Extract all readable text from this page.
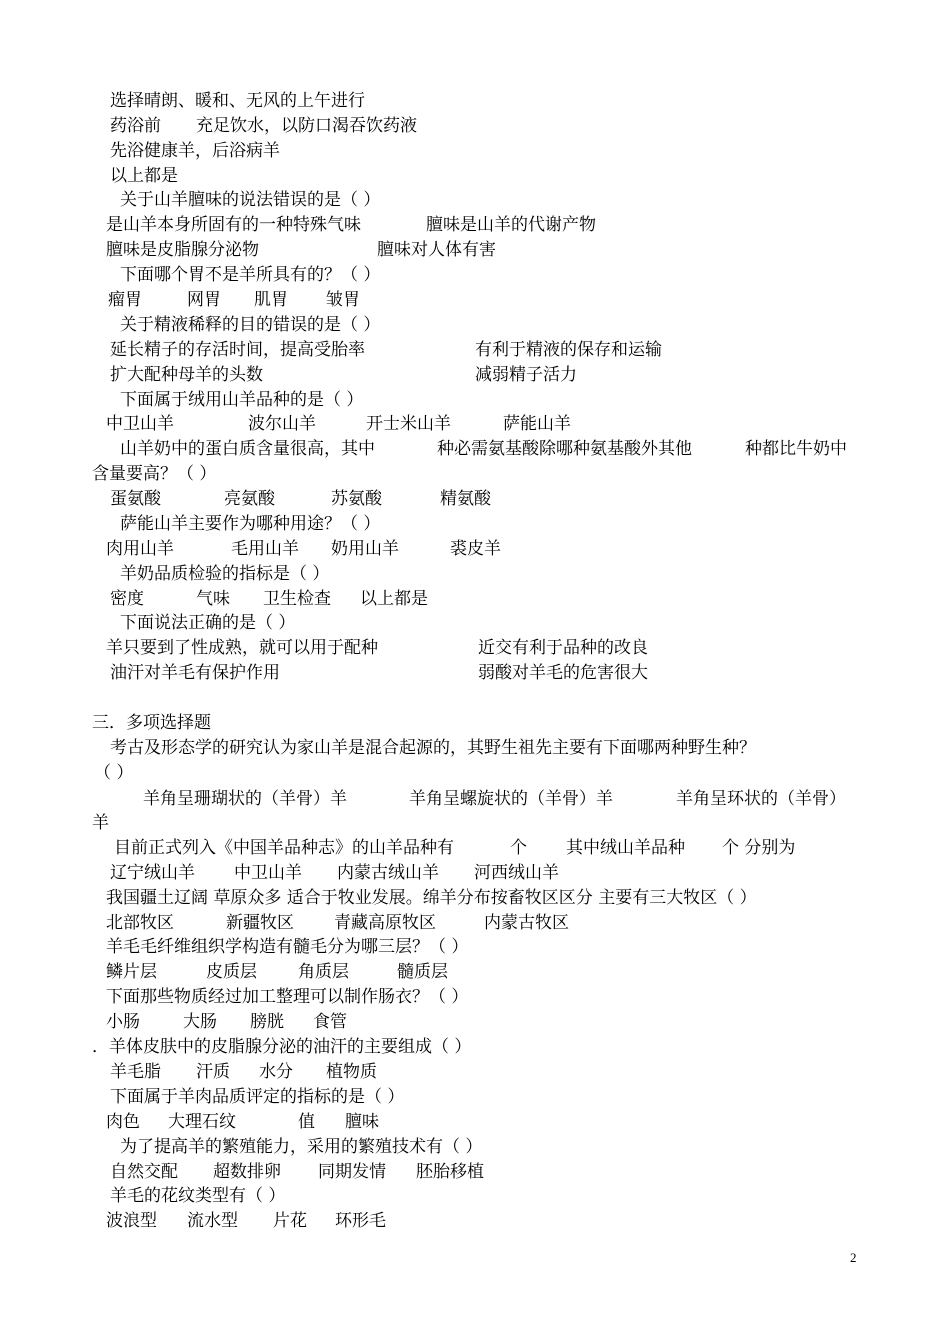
选择晴朗、暖和、无风的上午进行
药浴前 充足饮水，以防口渴吞饮药液
先浴健康羊，后浴病羊
以上都是
关于山羊膻味的说法错误的是（ ）
是山羊本身所固有的一种特殊气味	膻味是山羊的代谢产物
膻味是皮脂腺分泌物	膻味对人体有害
下面哪个胃不是羊所具有的？（ ）
瘤胃	网胃 肌胃 皱胃
关于精液稀释的目的错误的是（ ）
延长精子的存活时间，提高受胎率	有利于精液的保存和运输
扩大配种母羊的头数	减弱精子活力
下面属于绒用山羊品种的是（ ）
中卫山羊	波尔山羊	开士米山羊	萨能山羊
山羊奶中的蛋白质含量很高，其中	种必需氨基酸除哪种氨基酸外其他	种都比牛奶中
含量要高？（ ）
蛋氨酸	亮氨酸	苏氨酸	精氨酸
萨能山羊主要作为哪种用途？（ ）
肉用山羊	毛用山羊 奶用山羊	裘皮羊
羊奶品质检验的指标是（ ）
密度	气味 卫生检查 以上都是
下面说法正确的是（ ）
羊只要到了性成熟，就可以用于配种	近交有利于品种的改良
油汗对羊毛有保护作用	弱酸对羊毛的危害很大
三．多项选择题
考古及形态学的研究认为家山羊是混合起源的，其野生祖先主要有下面哪两种野生种？
（ ）
羊角呈珊瑚状的（羊骨）羊	羊角呈螺旋状的（羊骨）羊	羊角呈环状的（羊骨）
羊
目前正式列入《中国羊品种志》的山羊品种有	个 其中绒山羊品种 个 分别为
辽宁绒山羊 中卫山羊 内蒙古绒山羊 河西绒山羊
我国疆土辽阔 草原众多 适合于牧业发展。绵羊分布按畜牧区区分 主要有三大牧区（ ）
北部牧区	新疆牧区 青藏高原牧区	内蒙古牧区
羊毛毛纤维组织学构造有髓毛分为哪三层？（ ）
鳞片层	皮质层 角质层	髓质层
下面那些物质经过加工整理可以制作肠衣？（ ）
小肠	大肠 膀胱 食管
．羊体皮肤中的皮脂腺分泌的油汗的主要组成（ ）
羊毛脂 汗质 水分 植物质
下面属于羊肉品质评定的指标的是（ ）
肉色 大理石纹	值 膻味
为了提高羊的繁殖能力，采用的繁殖技术有（ ）
自然交配 超数排卵 同期发情 胚胎移植
羊毛的花纹类型有（ ）
波浪型 流水型 片花 环形毛
2
